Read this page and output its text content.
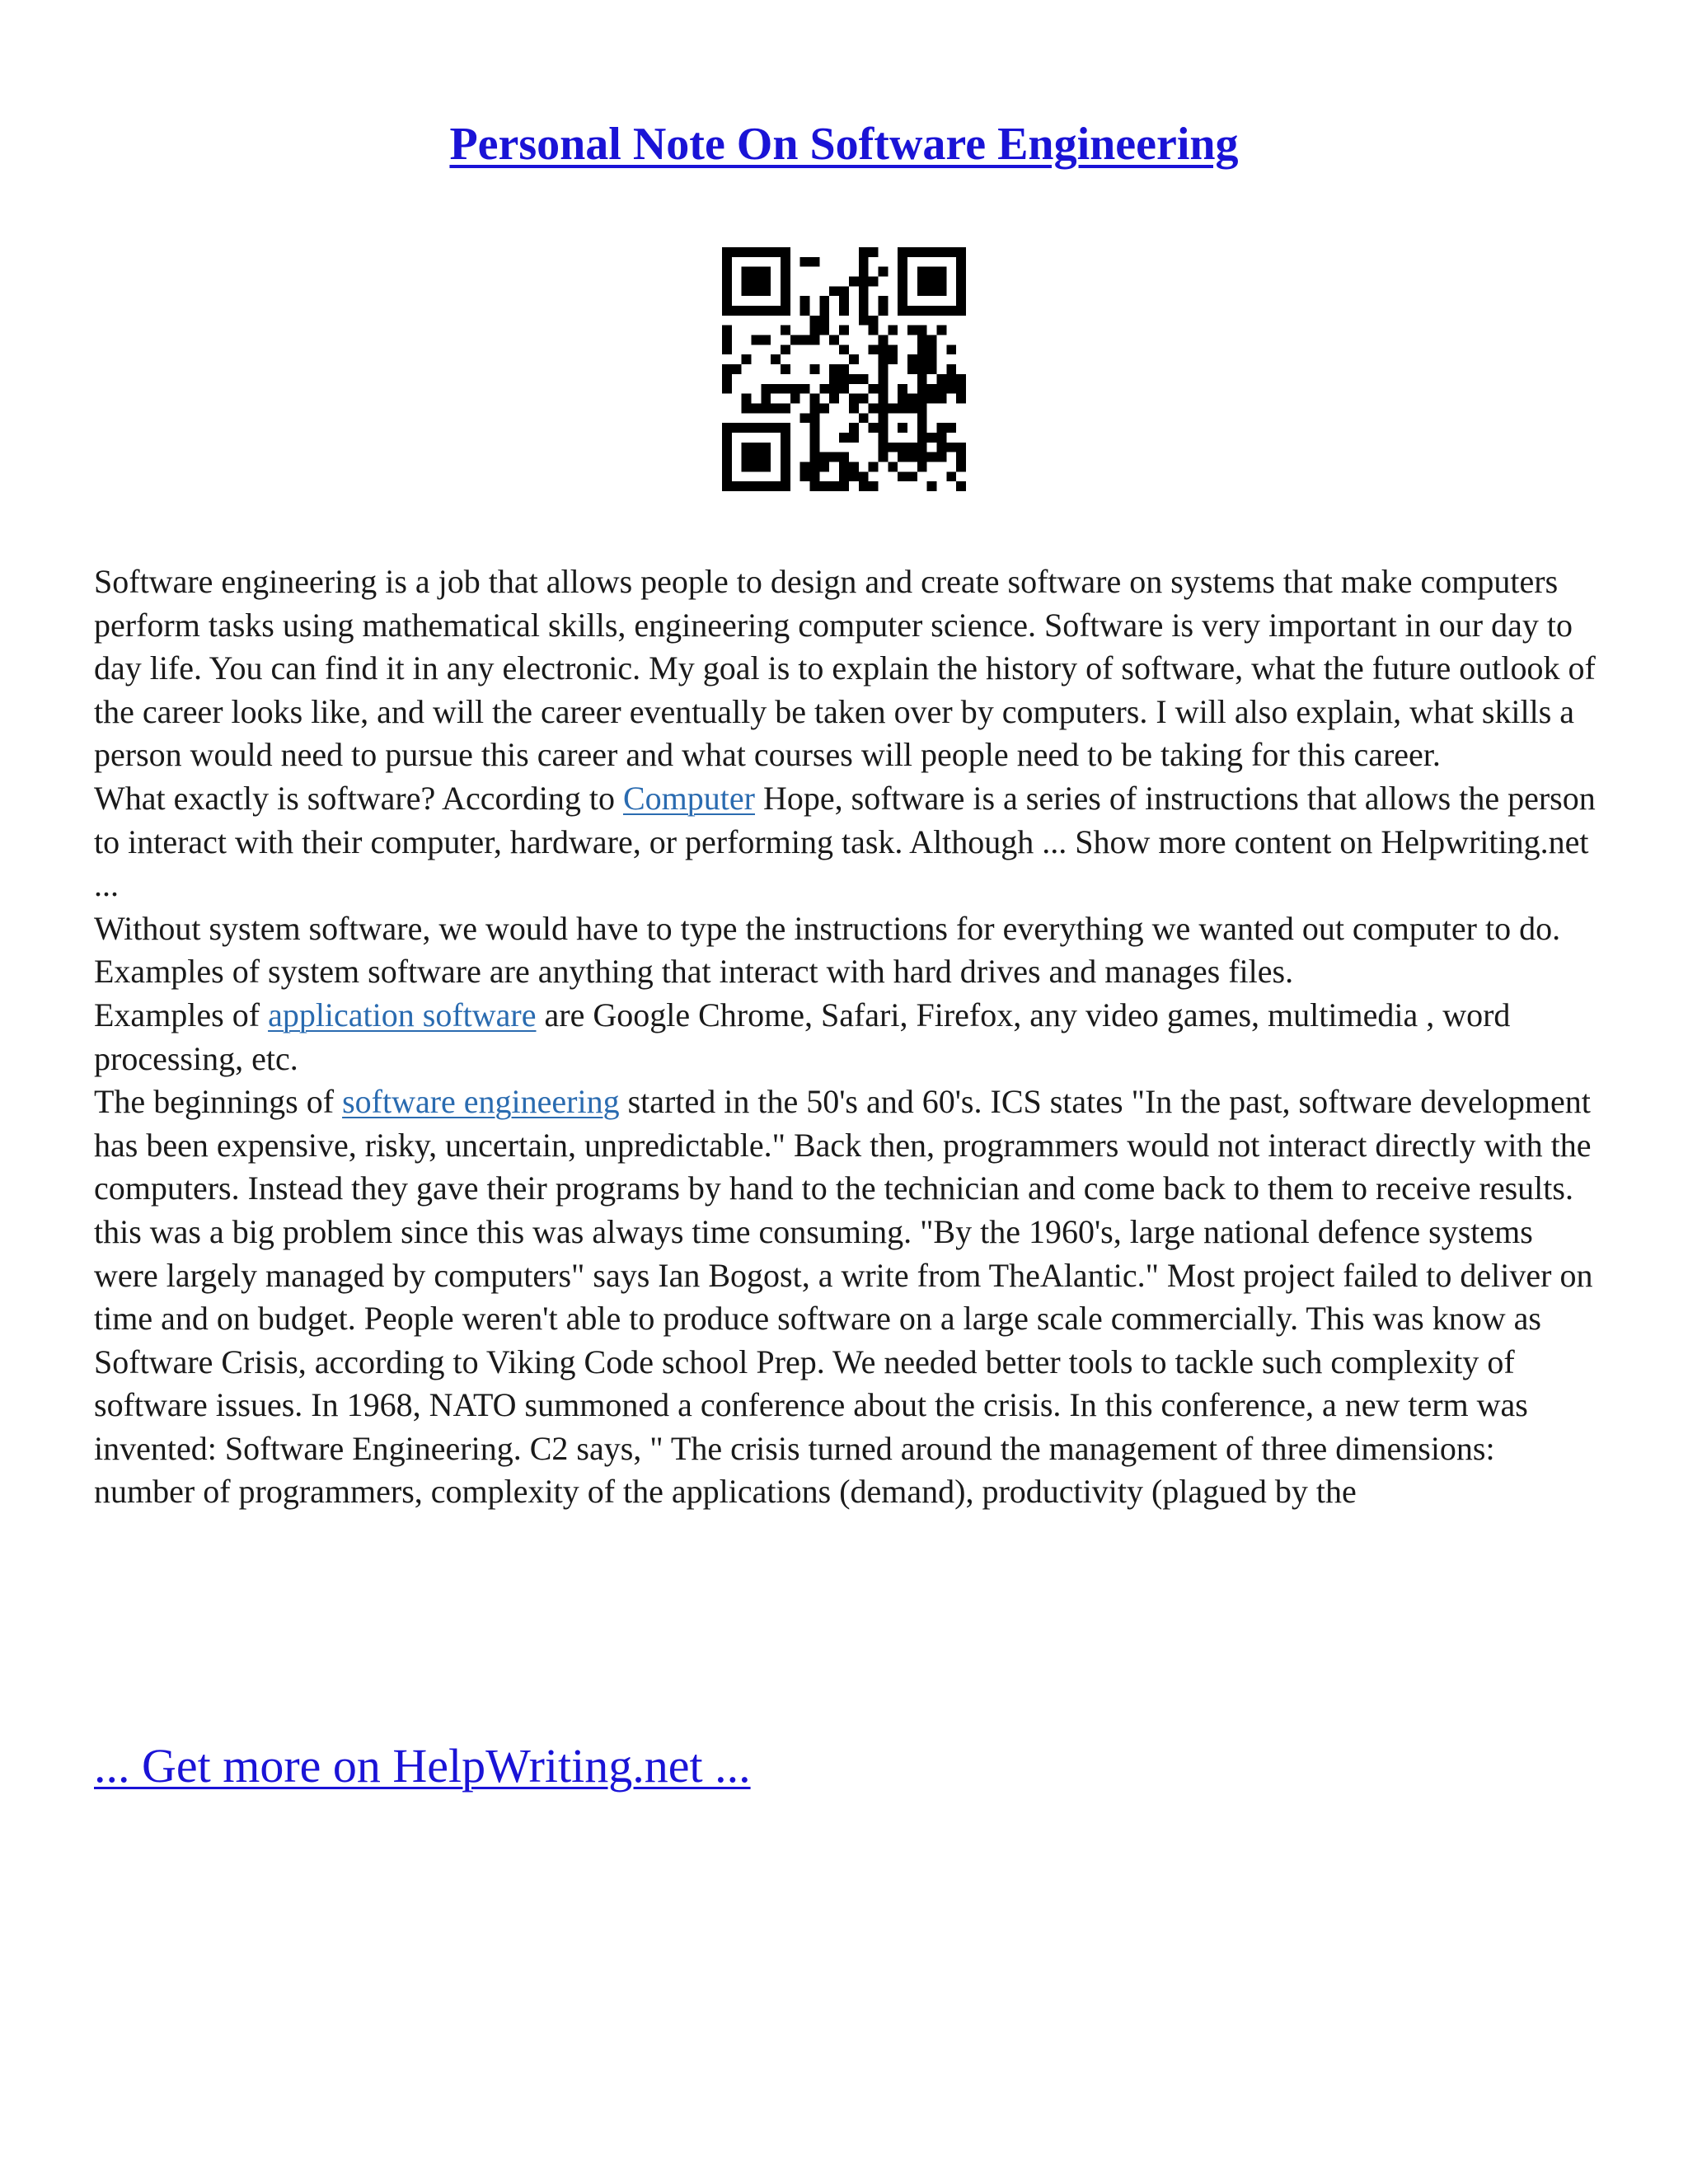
Personal Note On Software Engineering

Software engineering is a job that allows people to design and create software on systems that make computers perform tasks using mathematical skills, engineering computer science. Software is very important in our day to day life. You can find it in any electronic. My goal is to explain the history of software, what the future outlook of the career looks like, and will the career eventually be taken over by computers. I will also explain, what skills a person would need to pursue this career and what courses will people need to be taking for this career.

What exactly is software? According to Computer Hope, software is a series of instructions that allows the person to interact with their computer, hardware, or performing task. Although ... Show more content on Helpwriting.net ...

Without system software, we would have to type the instructions for everything we wanted out computer to do.

Examples of system software are anything that interact with hard drives and manages files.

Examples of application software are Google Chrome, Safari, Firefox, any video games, multimedia , word processing, etc.

The beginnings of software engineering started in the 50's and 60's. ICS states "In the past, software development has been expensive, risky, uncertain, unpredictable." Back then, programmers would not interact directly with the computers. Instead they gave their programs by hand to the technician and come back to them to receive results. this was a big problem since this was always time consuming. "By the 1960's, large national defence systems were largely managed by computers" says Ian Bogost, a write from TheAlantic." Most project failed to deliver on time and on budget. People weren't able to produce software on a large scale commercially. This was know as Software Crisis, according to Viking Code school Prep. We needed better tools to tackle such complexity of software issues. In 1968, NATO summoned a conference about the crisis. In this conference, a new term was invented: Software Engineering. C2 says, " The crisis turned around the management of three dimensions: number of programmers, complexity of the applications (demand), productivity (plagued by the

... Get more on HelpWriting.net ...
